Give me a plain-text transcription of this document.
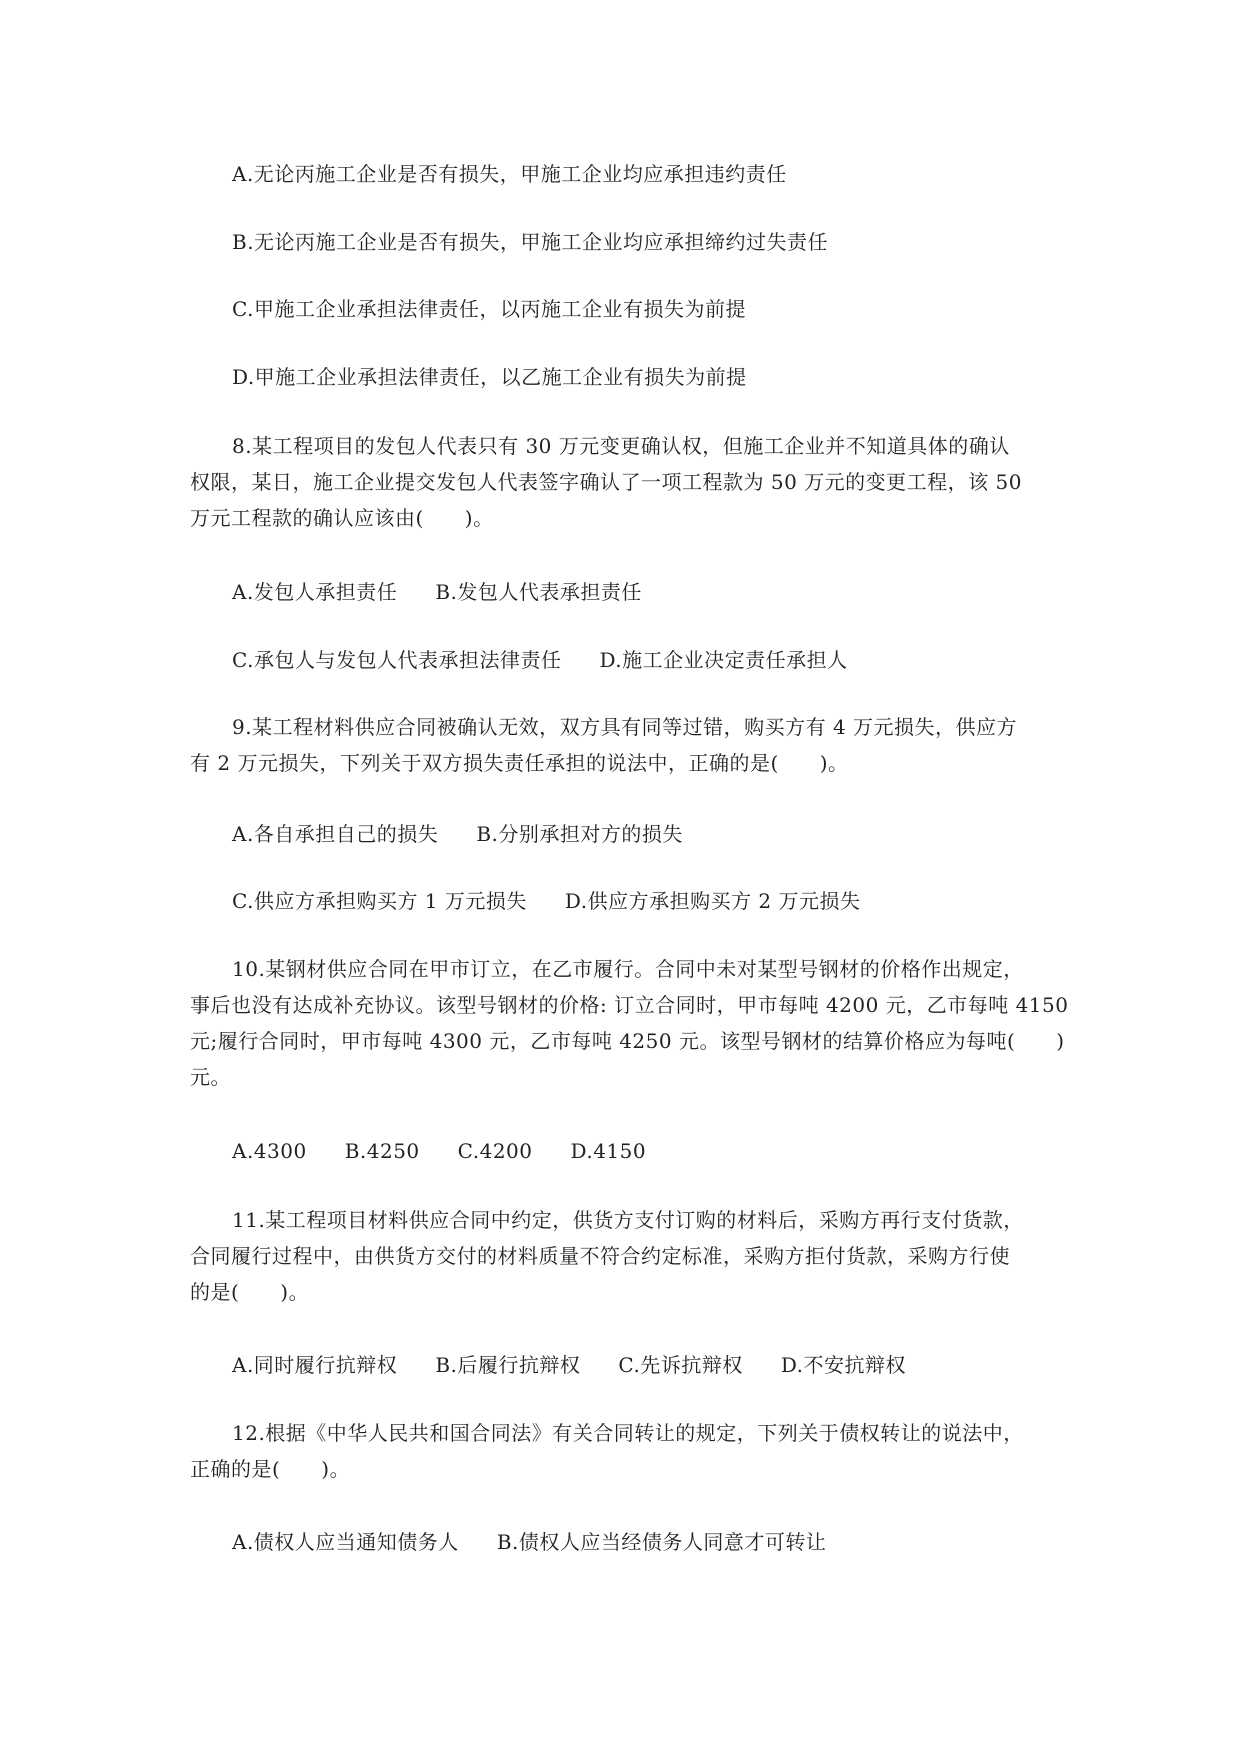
A.无论丙施工企业是否有损失，甲施工企业均应承担违约责任
B.无论丙施工企业是否有损失，甲施工企业均应承担缔约过失责任
C.甲施工企业承担法律责任，以丙施工企业有损失为前提
D.甲施工企业承担法律责任，以乙施工企业有损失为前提
8.某工程项目的发包人代表只有 30 万元变更确认权，但施工企业并不知道具体的确认
权限，某日，施工企业提交发包人代表签字确认了一项工程款为 50 万元的变更工程，该 50
万元工程款的确认应该由(　　)。
A.发包人承担责任 B.发包人代表承担责任
C.承包人与发包人代表承担法律责任 D.施工企业决定责任承担人
9.某工程材料供应合同被确认无效，双方具有同等过错，购买方有 4 万元损失，供应方
有 2 万元损失，下列关于双方损失责任承担的说法中，正确的是(　　)。
A.各自承担自己的损失 B.分别承担对方的损失
C.供应方承担购买方 1 万元损失 D.供应方承担购买方 2 万元损失
10.某钢材供应合同在甲市订立，在乙市履行。合同中未对某型号钢材的价格作出规定，
事后也没有达成补充协议。该型号钢材的价格: 订立合同时，甲市每吨 4200 元，乙市每吨 4150
元;履行合同时，甲市每吨 4300 元，乙市每吨 4250 元。该型号钢材的结算价格应为每吨(　　)
元。
A.4300 B.4250 C.4200 D.4150
11.某工程项目材料供应合同中约定，供货方支付订购的材料后，采购方再行支付货款，
合同履行过程中，由供货方交付的材料质量不符合约定标准，采购方拒付货款，采购方行使
的是(　　)。
A.同时履行抗辩权 B.后履行抗辩权 C.先诉抗辩权 D.不安抗辩权
12.根据《中华人民共和国合同法》有关合同转让的规定，下列关于债权转让的说法中，
正确的是(　　)。
A.债权人应当通知债务人 B.债权人应当经债务人同意才可转让
